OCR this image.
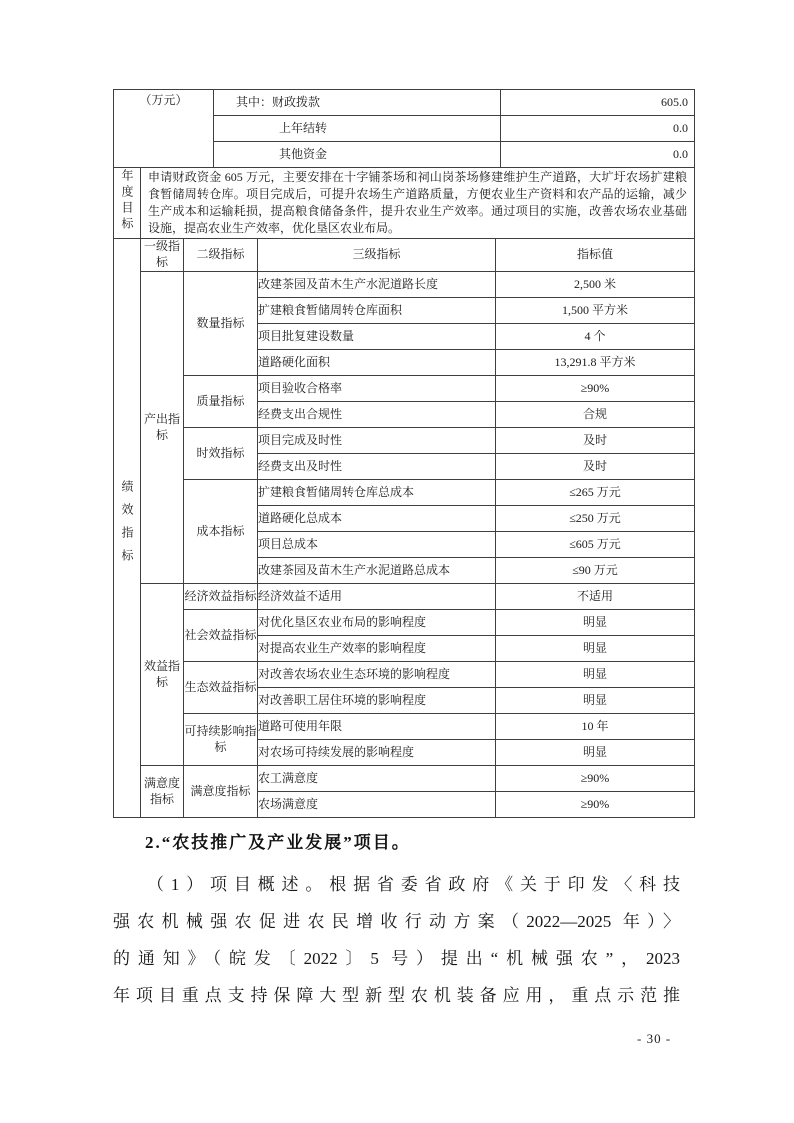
（万元）	其中：财政拨款	605.0
	上年结转	0.0
	其他资金	0.0
年度目标	申请财政资金 605 万元，主要安排在十字铺茶场和祠山岗茶场修建维护生产道路，大圹圩农场扩建粮食暂储周转仓库。项目完成后，可提升农场生产道路质量，方便农业生产资料和农产品的运输，减少生产成本和运输耗损，提高粮食储备条件，提升农业生产效率。通过项目的实施，改善农场农业基础设施，提高农业生产效率，优化垦区农业布局。
绩效指标	一级指标	二级指标	三级指标	指标值
	产出指标	数量指标	改建茶园及苗木生产水泥道路长度	2,500 米
			扩建粮食暂储周转仓库面积	1,500 平方米
			项目批复建设数量	4 个
			道路硬化面积	13,291.8 平方米
		质量指标	项目验收合格率	≥90%
			经费支出合规性	合规
		时效指标	项目完成及时性	及时
			经费支出及时性	及时
		成本指标	扩建粮食暂储周转仓库总成本	≤265 万元
			道路硬化总成本	≤250 万元
			项目总成本	≤605 万元
			改建茶园及苗木生产水泥道路总成本	≤90 万元
	效益指标	经济效益指标	经济效益不适用	不适用
		社会效益指标	对优化垦区农业布局的影响程度	明显
			对提高农业生产效率的影响程度	明显
		生态效益指标	对改善农场农业生态环境的影响程度	明显
			对改善职工居住环境的影响程度	明显
		可持续影响指标	道路可使用年限	10 年
			对农场可持续发展的影响程度	明显
	满意度指标	满意度指标	农工满意度	≥90%
			农场满意度	≥90%
2.“农技推广及产业发展”项目。
（1）项目概述。根据省委省政府《关于印发〈科技
强农机械强农促进农民增收行动方案（2022—2025 年）〉
的通知》（皖发〔2022〕5 号）提出“机械强农”，2023
年项目重点支持保障大型新型农机装备应用，重点示范推
- 30 -
